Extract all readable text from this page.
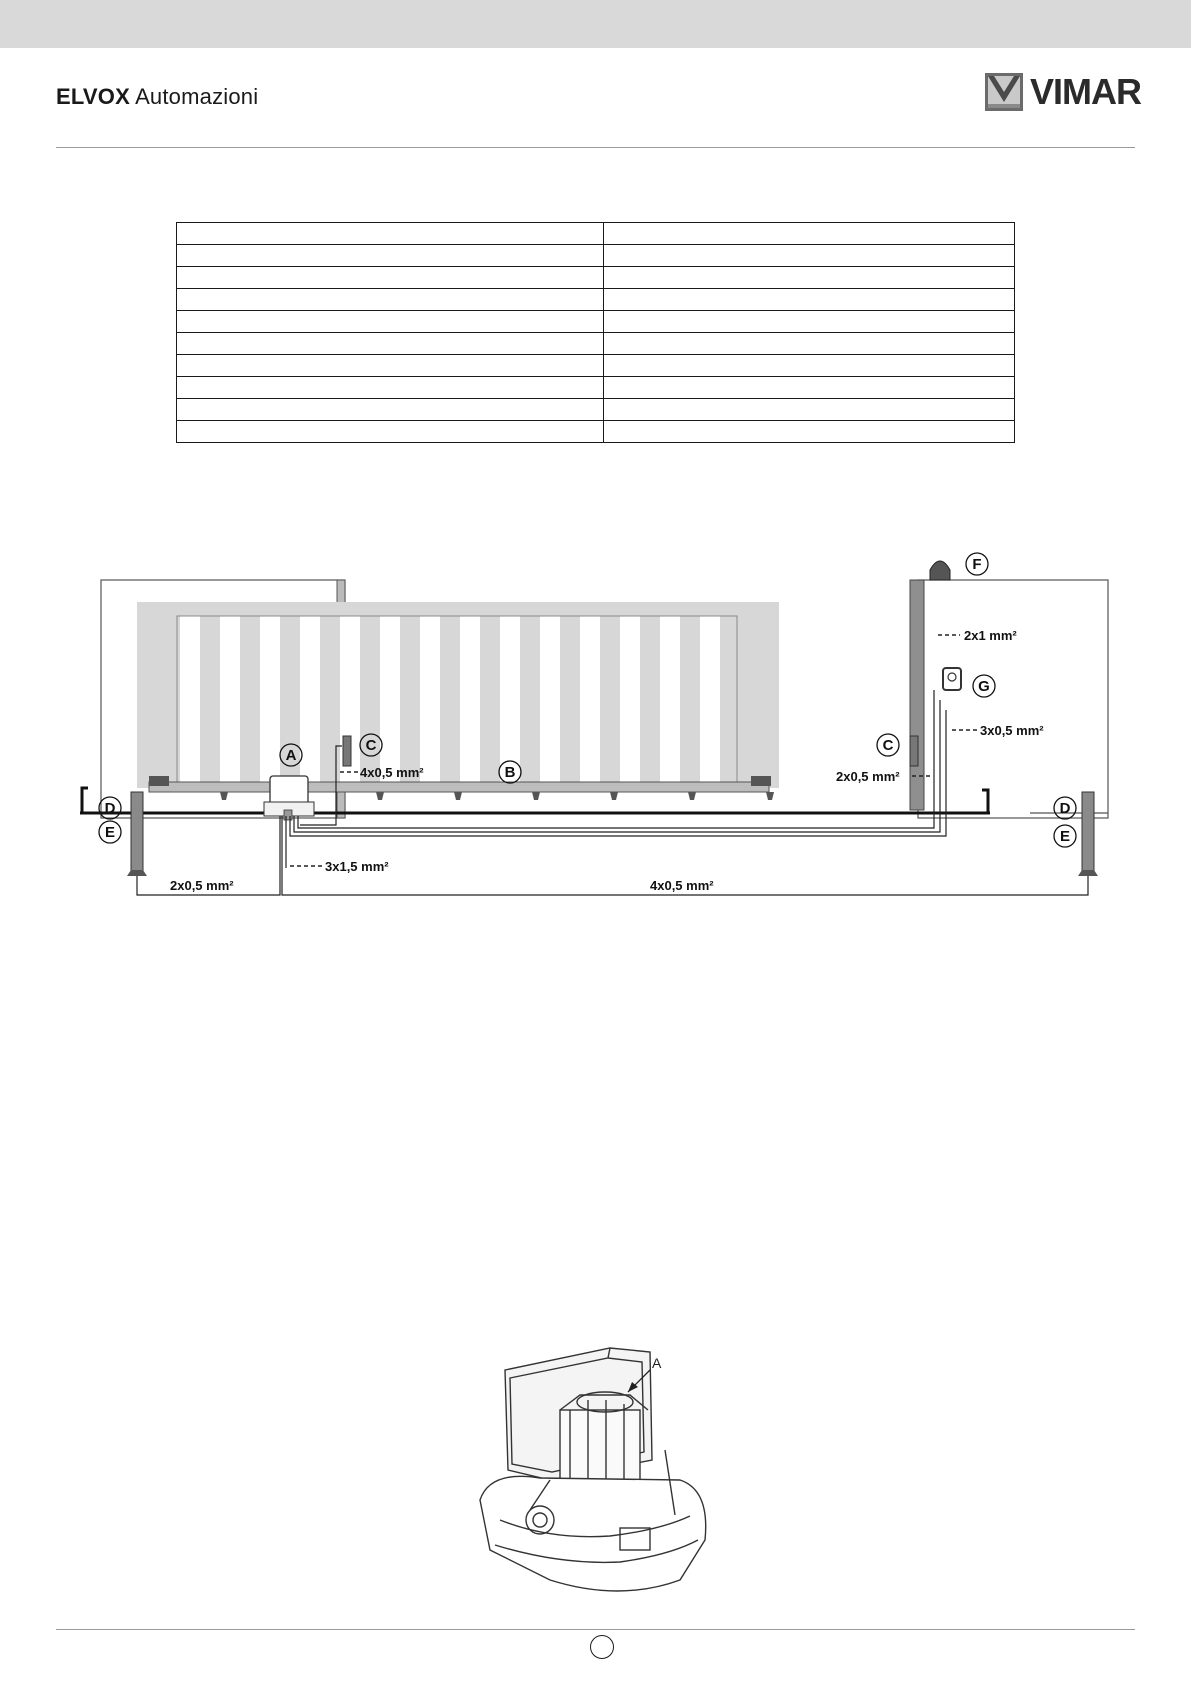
ELVOX Automazioni	VIMAR

A
B
C	C
D
E
D
E
F
G
2x1 mm²
3x0,5 mm²
4x0,5 mm²	2x0,5 mm²
3x1,5 mm²
2x0,5 mm²	4x0,5 mm²
A
